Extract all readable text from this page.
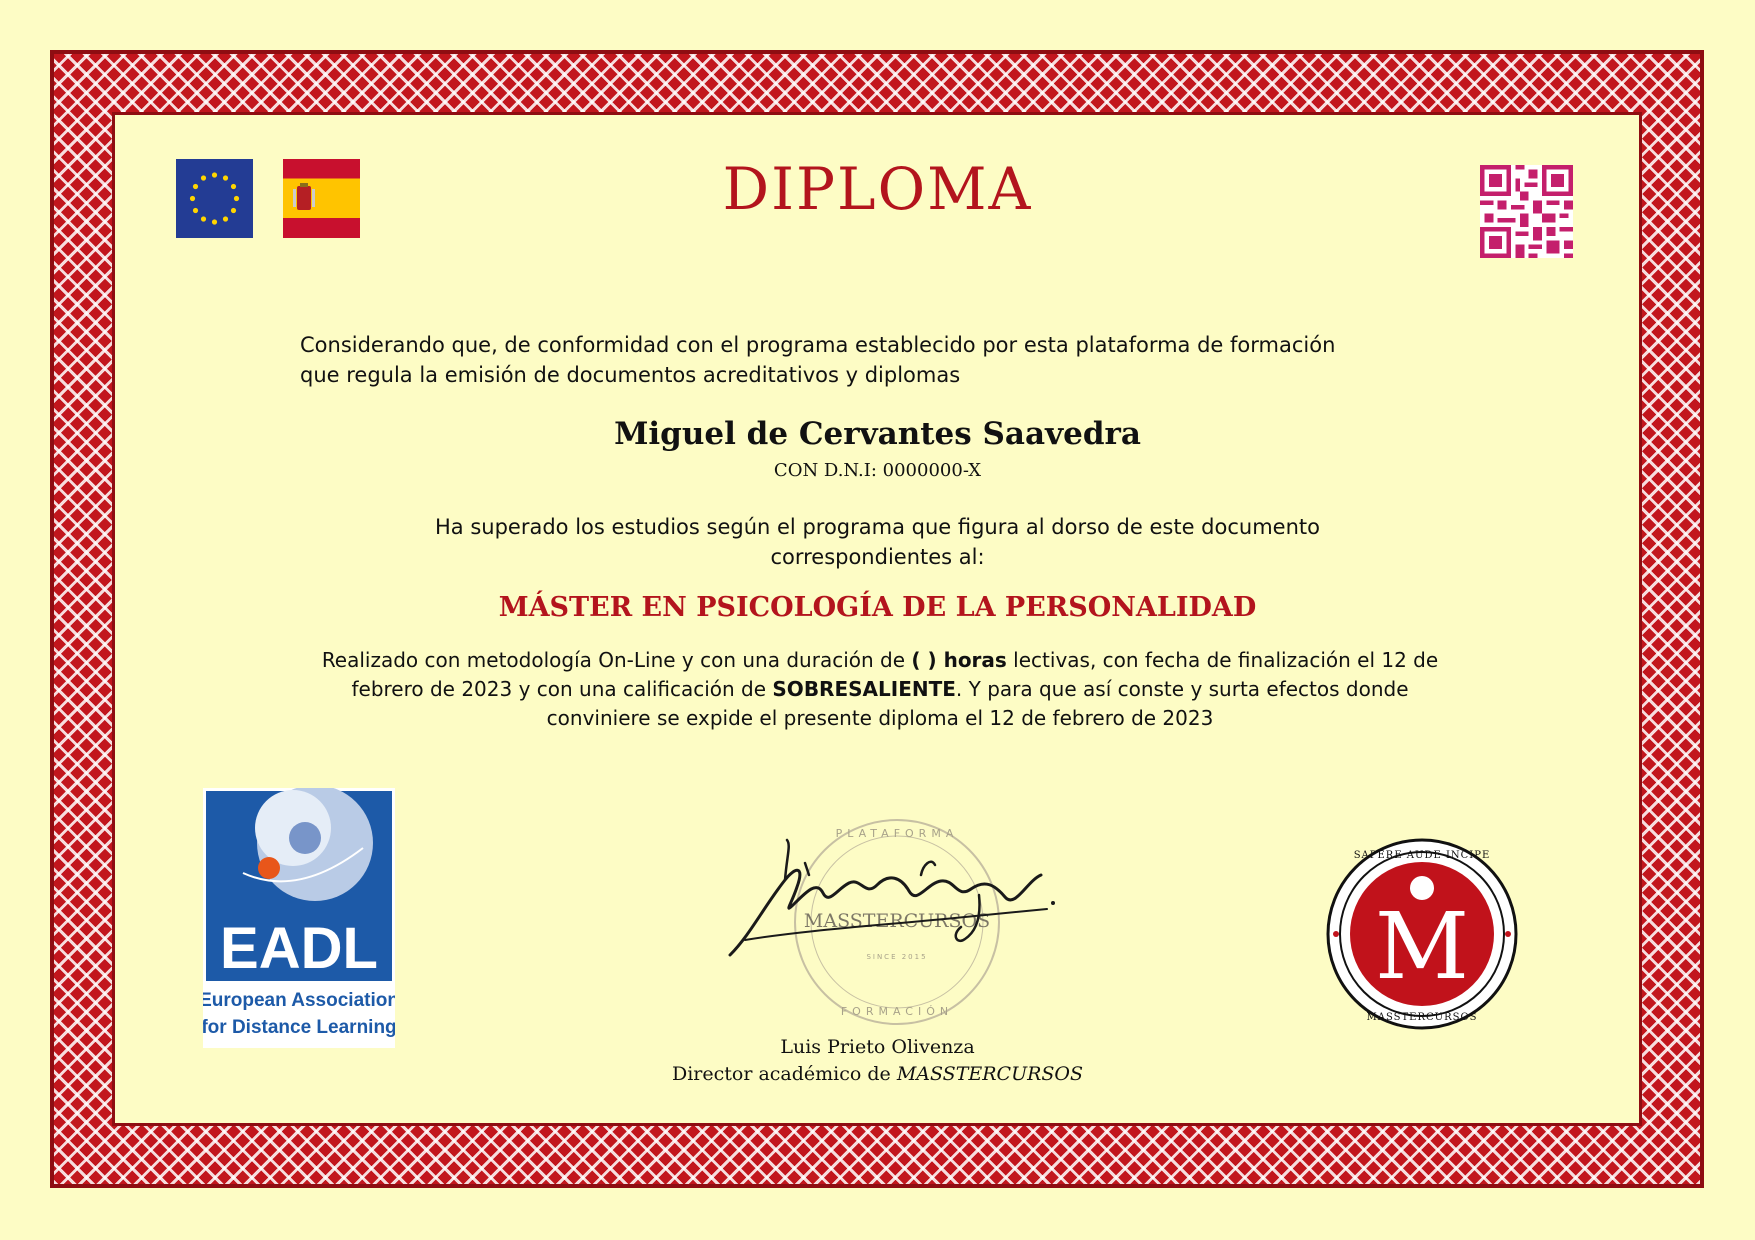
DIPLOMA

Considerando que, de conformidad con el programa establecido por esta plataforma de formación
que regula la emisión de documentos acreditativos y diplomas

Miguel de Cervantes Saavedra
CON D.N.I: 0000000-X
Ha superado los estudios según el programa que figura al dorso de este documento
correspondientes al:
MÁSTER EN PSICOLOGÍA DE LA PERSONALIDAD
Realizado con metodología On-Line y con una duración de ( ) horas lectivas, con fecha de finalización el 12 de
febrero de 2023 y con una calificación de SOBRESALIENTE. Y para que así conste y surta efectos donde
conviniere se expide el presente diploma el 12 de febrero de 2023
EADL
European Association
for Distance Learning
PLATAFORMA
MASSTERCURSOS
SINCE 2015
FORMACIÓN
Luis Prieto Olivenza
Director académico de MASSTERCURSOS
M
SAPERE AUDE INCIPE
MASSTERCURSOS
